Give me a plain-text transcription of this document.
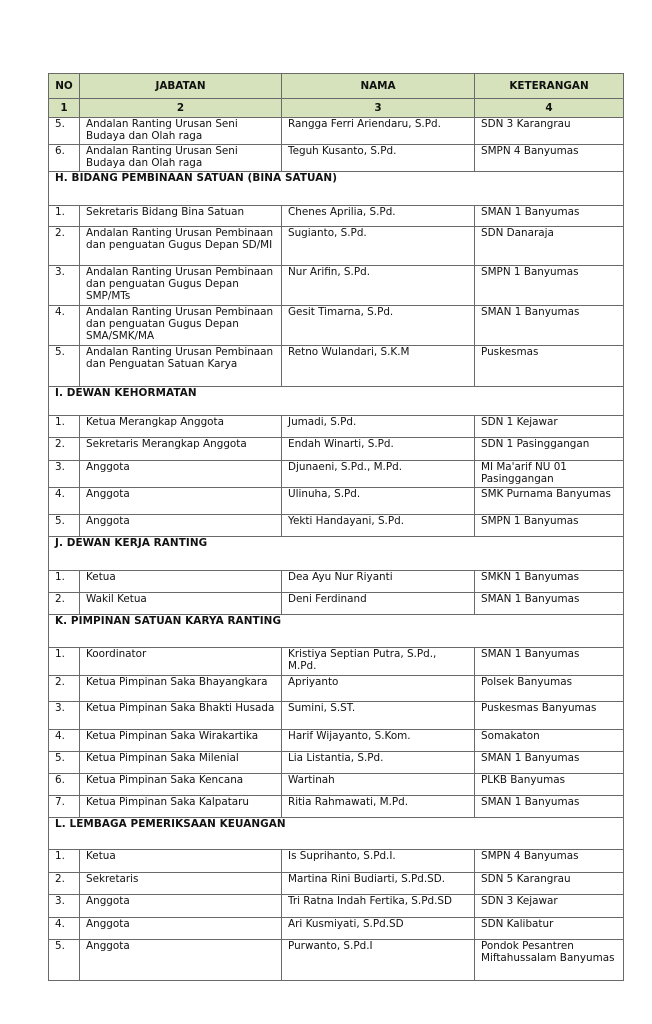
NO	JABATAN	NAMA	KETERANGAN
1	2	3	4
5.	Andalan Ranting Urusan Seni Budaya dan Olah raga	Rangga Ferri Ariendaru, S.Pd.	SDN 3 Karangrau
6.	Andalan Ranting Urusan Seni Budaya dan Olah raga	Teguh Kusanto, S.Pd.	SMPN 4 Banyumas
H. BIDANG PEMBINAAN SATUAN (BINA SATUAN)			
1.	Sekretaris Bidang Bina Satuan	Chenes Aprilia, S.Pd.	SMAN 1 Banyumas
2.	Andalan Ranting Urusan Pembinaan dan penguatan Gugus Depan SD/MI	Sugianto, S.Pd.	SDN Danaraja
3.	Andalan Ranting Urusan Pembinaan dan penguatan Gugus Depan SMP/MTs	Nur Arifin, S.Pd.	SMPN 1 Banyumas
4.	Andalan Ranting Urusan Pembinaan dan penguatan Gugus Depan SMA/SMK/MA	Gesit Timarna, S.Pd.	SMAN 1 Banyumas
5.	Andalan Ranting Urusan Pembinaan dan Penguatan Satuan Karya	Retno Wulandari, S.K.M	Puskesmas
I. DEWAN KEHORMATAN			
1.	Ketua Merangkap Anggota	Jumadi, S.Pd.	SDN 1 Kejawar
2.	Sekretaris Merangkap Anggota	Endah Winarti, S.Pd.	SDN 1 Pasinggangan
3.	Anggota	Djunaeni, S.Pd., M.Pd.	MI Ma'arif NU 01 Pasinggangan
4.	Anggota	Ulinuha, S.Pd.	SMK Purnama Banyumas
5.	Anggota	Yekti Handayani, S.Pd.	SMPN 1 Banyumas
J. DEWAN KERJA RANTING			
1.	Ketua	Dea Ayu Nur Riyanti	SMKN 1 Banyumas
2.	Wakil Ketua	Deni Ferdinand	SMAN 1 Banyumas
K. PIMPINAN SATUAN KARYA RANTING			
1.	Koordinator	Kristiya Septian Putra, S.Pd., M.Pd.	SMAN 1 Banyumas
2.	Ketua Pimpinan Saka Bhayangkara	Apriyanto	Polsek Banyumas
3.	Ketua Pimpinan Saka Bhakti Husada	Sumini, S.ST.	Puskesmas Banyumas
4.	Ketua Pimpinan Saka Wirakartika	Harif Wijayanto, S.Kom.	Somakaton
5.	Ketua Pimpinan Saka Milenial	Lia Listantia, S.Pd.	SMAN 1 Banyumas
6.	Ketua Pimpinan Saka Kencana	Wartinah	PLKB Banyumas
7.	Ketua Pimpinan Saka Kalpataru	Ritia Rahmawati, M.Pd.	SMAN 1 Banyumas
L. LEMBAGA PEMERIKSAAN KEUANGAN			
1.	Ketua	Is Suprihanto, S.Pd.I.	SMPN 4 Banyumas
2.	Sekretaris	Martina Rini Budiarti, S.Pd.SD.	SDN 5 Karangrau
3.	Anggota	Tri Ratna Indah Fertika, S.Pd.SD	SDN 3 Kejawar
4.	Anggota	Ari Kusmiyati, S.Pd.SD	SDN Kalibatur
5.	Anggota	Purwanto, S.Pd.I	Pondok Pesantren Miftahussalam Banyumas
